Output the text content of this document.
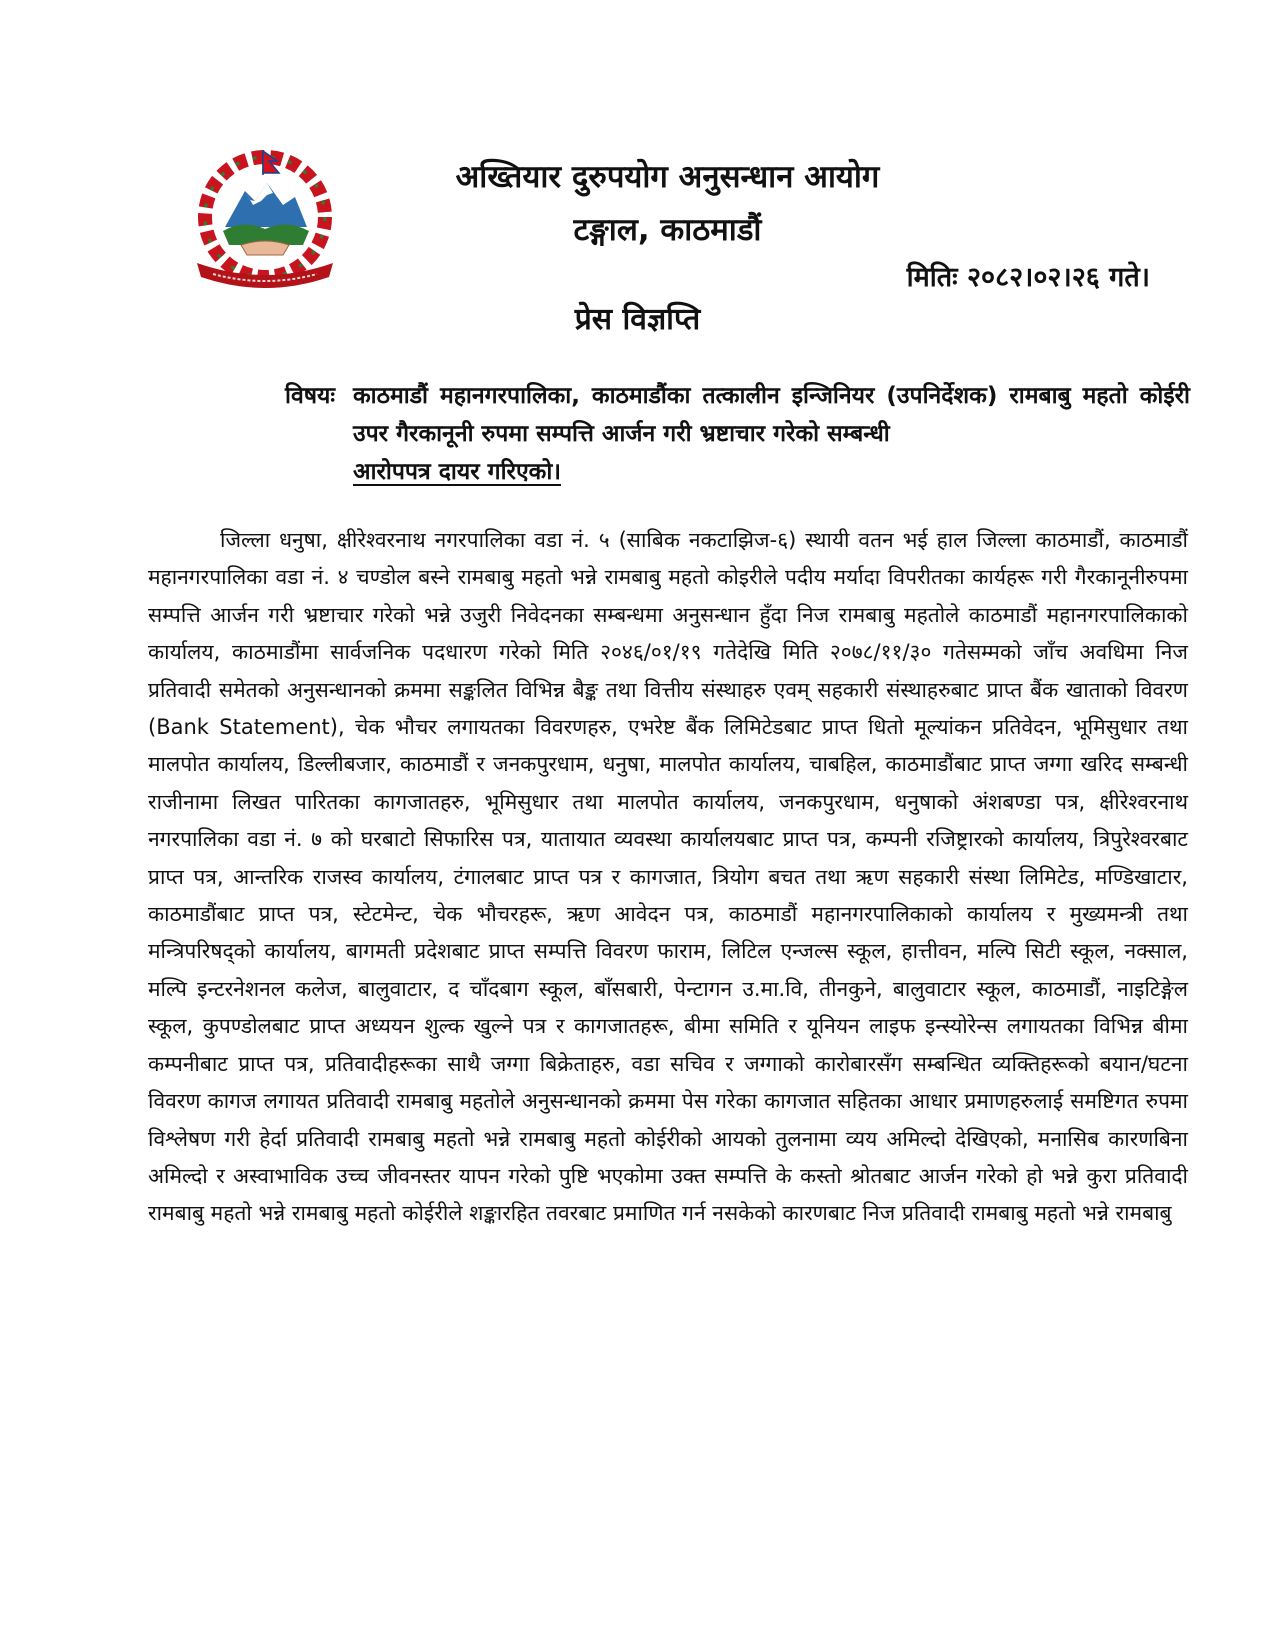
अख्तियार दुरुपयोग अनुसन्धान आयोग
टङ्गाल, काठमाडौं
मितिः २०८२।०२।२६ गते।
प्रेस विज्ञप्ति
विषयः काठमाडौं महानगरपालिका, काठमाडौंका तत्कालीन इन्जिनियर (उपनिर्देशक) रामबाबु महतो कोईरी उपर गैरकानूनी रुपमा सम्पत्ति आर्जन गरी भ्रष्टाचार गरेको सम्बन्धी
आरोपपत्र दायर गरिएको।

जिल्ला धनुषा, क्षीरेश्वरनाथ नगरपालिका वडा नं. ५ (साबिक नकटाझिज-६) स्थायी वतन भई हाल जिल्ला काठमाडौं, काठमाडौं महानगरपालिका वडा नं. ४ चण्डोल बस्ने रामबाबु महतो भन्ने रामबाबु महतो कोइरीले पदीय मर्यादा विपरीतका कार्यहरू गरी गैरकानूनीरुपमा सम्पत्ति आर्जन गरी भ्रष्टाचार गरेको भन्ने उजुरी निवेदनका सम्बन्धमा अनुसन्धान हुँदा निज रामबाबु महतोले काठमाडौं महानगरपालिकाको कार्यालय, काठमाडौंमा सार्वजनिक पदधारण गरेको मिति २०४६/०१/१९ गतेदेखि मिति २०७८/११/३० गतेसम्मको जाँच अवधिमा निज प्रतिवादी समेतको अनुसन्धानको क्रममा सङ्कलित विभिन्न बैङ्क तथा वित्तीय संस्थाहरु एवम् सहकारी संस्थाहरुबाट प्राप्त बैंक खाताको विवरण (Bank Statement), चेक भौचर लगायतका विवरणहरु, एभरेष्ट बैंक लिमिटेडबाट प्राप्त धितो मूल्यांकन प्रतिवेदन, भूमिसुधार तथा मालपोत कार्यालय, डिल्लीबजार, काठमाडौं र जनकपुरधाम, धनुषा, मालपोत कार्यालय, चाबहिल, काठमाडौंबाट प्राप्त जग्गा खरिद सम्बन्धी राजीनामा लिखत पारितका कागजातहरु, भूमिसुधार तथा मालपोत कार्यालय, जनकपुरधाम, धनुषाको अंशबण्डा पत्र, क्षीरेश्वरनाथ नगरपालिका वडा नं. ७ को घरबाटो सिफारिस पत्र, यातायात व्यवस्था कार्यालयबाट प्राप्त पत्र, कम्पनी रजिष्ट्रारको कार्यालय, त्रिपुरेश्वरबाट प्राप्त पत्र, आन्तरिक राजस्व कार्यालय, टंगालबाट प्राप्त पत्र र कागजात, त्रियोग बचत तथा ऋण सहकारी संस्था लिमिटेड, मण्डिखाटार, काठमाडौंबाट प्राप्त पत्र, स्टेटमेन्ट, चेक भौचरहरू, ऋण आवेदन पत्र, काठमाडौं महानगरपालिकाको कार्यालय र मुख्यमन्त्री तथा मन्त्रिपरिषद्को कार्यालय, बागमती प्रदेशबाट प्राप्त सम्पत्ति विवरण फाराम, लिटिल एन्जल्स स्कूल, हात्तीवन, मल्पि सिटी स्कूल, नक्साल, मल्पि इन्टरनेशनल कलेज, बालुवाटार, द चाँदबाग स्कूल, बाँसबारी, पेन्टागन उ.मा.वि, तीनकुने, बालुवाटार स्कूल, काठमाडौं, नाइटिङ्गेल स्कूल, कुपण्डोलबाट प्राप्त अध्ययन शुल्क खुल्ने पत्र र कागजातहरू, बीमा समिति र यूनियन लाइफ इन्स्योरेन्स लगायतका विभिन्न बीमा कम्पनीबाट प्राप्त पत्र, प्रतिवादीहरूका साथै जग्गा बिक्रेताहरु, वडा सचिव र जग्गाको कारोबारसँग सम्बन्धित व्यक्तिहरूको बयान/घटना विवरण कागज लगायत प्रतिवादी रामबाबु महतोले अनुसन्धानको क्रममा पेस गरेका कागजात सहितका आधार प्रमाणहरुलाई समष्टिगत रुपमा विश्लेषण गरी हेर्दा प्रतिवादी रामबाबु महतो भन्ने रामबाबु महतो कोईरीको आयको तुलनामा व्यय अमिल्दो देखिएको, मनासिब कारणबिना अमिल्दो र अस्वाभाविक उच्च जीवनस्तर यापन गरेको पुष्टि भएकोमा उक्त सम्पत्ति के कस्तो श्रोतबाट आर्जन गरेको हो भन्ने कुरा प्रतिवादी रामबाबु महतो भन्ने रामबाबु महतो कोईरीले शङ्कारहित तवरबाट प्रमाणित गर्न नसकेको कारणबाट निज प्रतिवादी रामबाबु महतो भन्ने रामबाबु
